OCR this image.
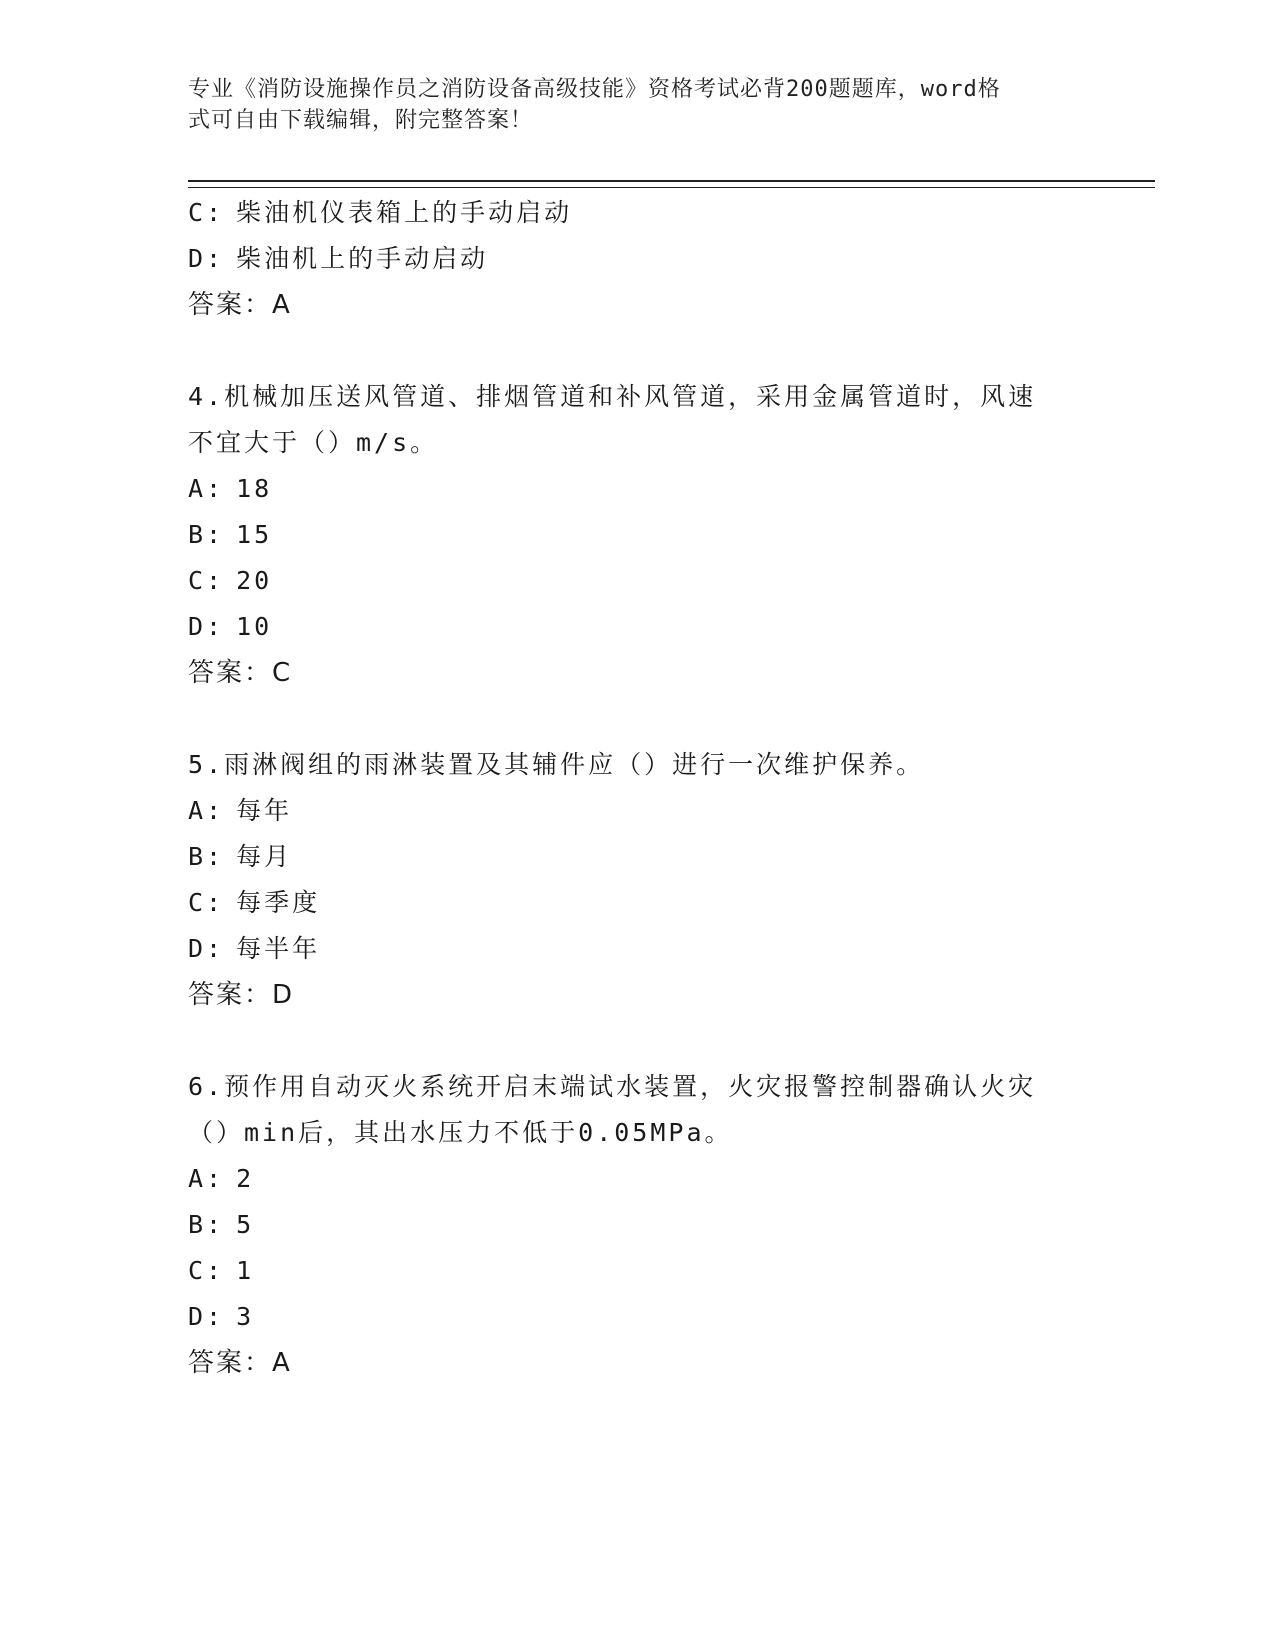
专业《消防设施操作员之消防设备高级技能》资格考试必背200题题库，word格
式可自由下载编辑，附完整答案！
C: 柴油机仪表箱上的手动启动
D: 柴油机上的手动启动
答案：A
4.机械加压送风管道、排烟管道和补风管道，采用金属管道时，风速
不宜大于（）m/s。
A: 18
B: 15
C: 20
D: 10
答案：C
5.雨淋阀组的雨淋装置及其辅件应（）进行一次维护保养。
A: 每年
B: 每月
C: 每季度
D: 每半年
答案：D
6.预作用自动灭火系统开启末端试水装置，火灾报警控制器确认火灾
（）min后，其出水压力不低于0.05MPa。
A: 2
B: 5
C: 1
D: 3
答案：A
